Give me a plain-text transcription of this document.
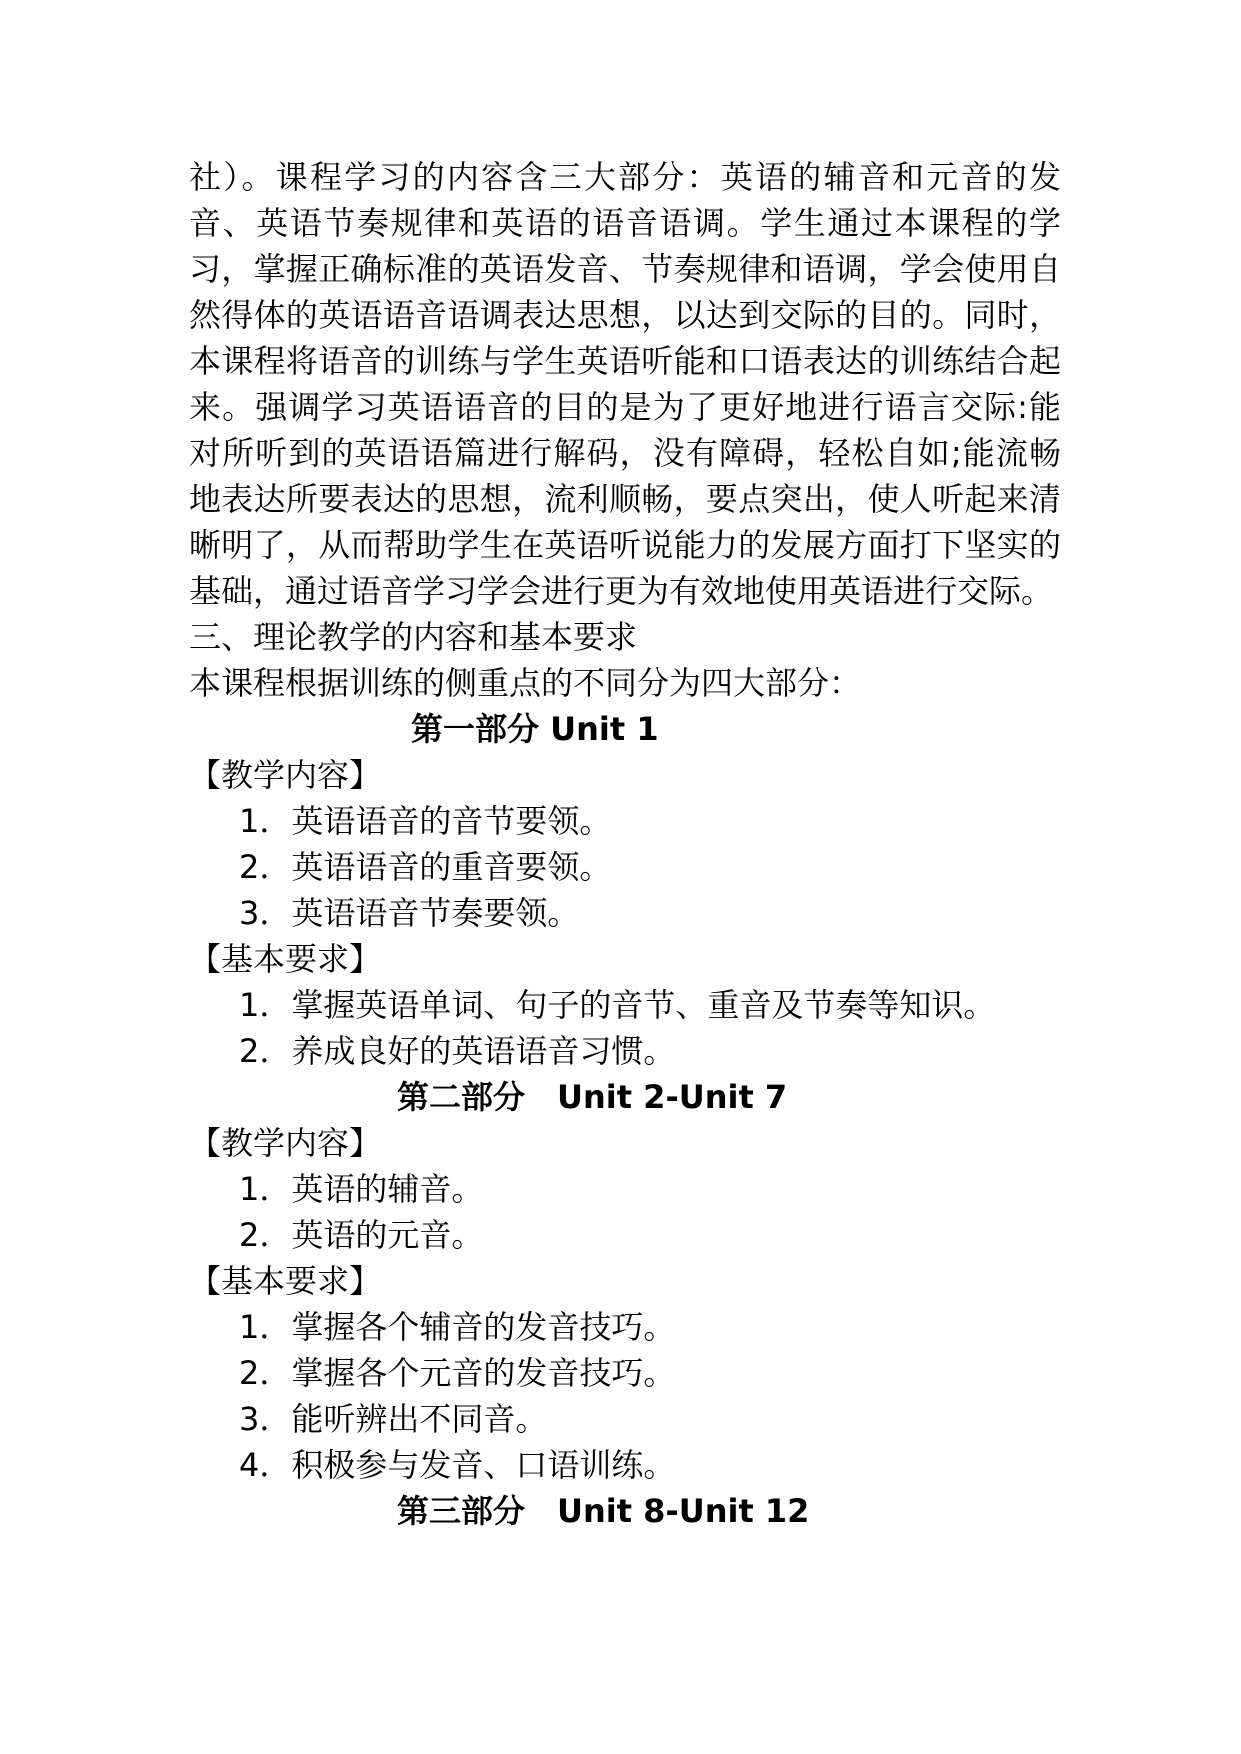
社）。课程学习的内容含三大部分：英语的辅音和元音的发音、英语节奏规律和英语的语音语调。学生通过本课程的学习，掌握正确标准的英语发音、节奏规律和语调，学会使用自然得体的英语语音语调表达思想，以达到交际的目的。同时，本课程将语音的训练与学生英语听能和口语表达的训练结合起来。强调学习英语语音的目的是为了更好地进行语言交际:能对所听到的英语语篇进行解码，没有障碍，轻松自如;能流畅地表达所要表达的思想，流利顺畅，要点突出，使人听起来清晰明了，从而帮助学生在英语听说能力的发展方面打下坚实的基础，通过语音学习学会进行更为有效地使用英语进行交际。

三、理论教学的内容和基本要求

本课程根据训练的侧重点的不同分为四大部分：

第一部分 Unit 1

【教学内容】

1．英语语音的音节要领。

2．英语语音的重音要领。

3．英语语音节奏要领。

【基本要求】

1．掌握英语单词、句子的音节、重音及节奏等知识。

2．养成良好的英语语音习惯。

第二部分　Unit 2-Unit 7

【教学内容】

1．英语的辅音。

2．英语的元音。

【基本要求】

1．掌握各个辅音的发音技巧。

2．掌握各个元音的发音技巧。

3．能听辨出不同音。

4．积极参与发音、口语训练。

第三部分　Unit 8-Unit 12
